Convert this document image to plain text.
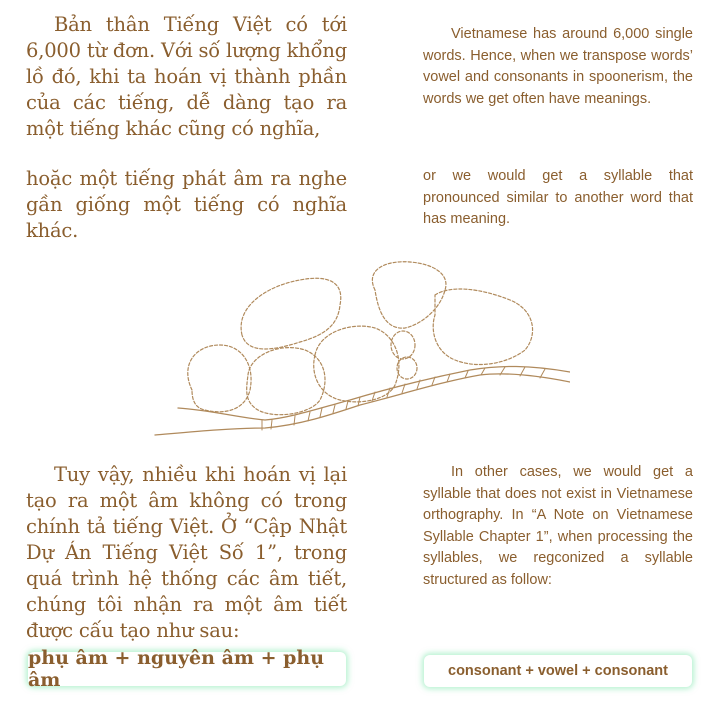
Bản thân Tiếng Việt có tới 6,000 từ đơn. Với số lượng khổng lồ đó, khi ta hoán vị thành phần của các tiếng, dễ dàng tạo ra một tiếng khác cũng có nghĩa,

hoặc một tiếng phát âm ra nghe gần giống một tiếng có nghĩa khác.

Vietnamese has around 6,000 single words. Hence, when we transpose words’ vowel and consonants in spoonerism, the words we get often have meanings.

or we would get a syllable that pronounced similar to another word that has meaning.

Tuy vậy, nhiều khi hoán vị lại tạo ra một âm không có trong chính tả tiếng Việt. Ở “Cập Nhật Dự Án Tiếng Việt Số 1”, trong quá trình hệ thống các âm tiết, chúng tôi nhận ra một âm tiết được cấu tạo như sau:

In other cases, we would get a syllable that does not exist in Vietnamese orthography. In “A Note on Vietnamese Syllable Chapter 1”, when processing the syllables, we regconized a syllable structured as follow:

phụ âm + nguyên âm + phụ âm	consonant + vowel + consonant
